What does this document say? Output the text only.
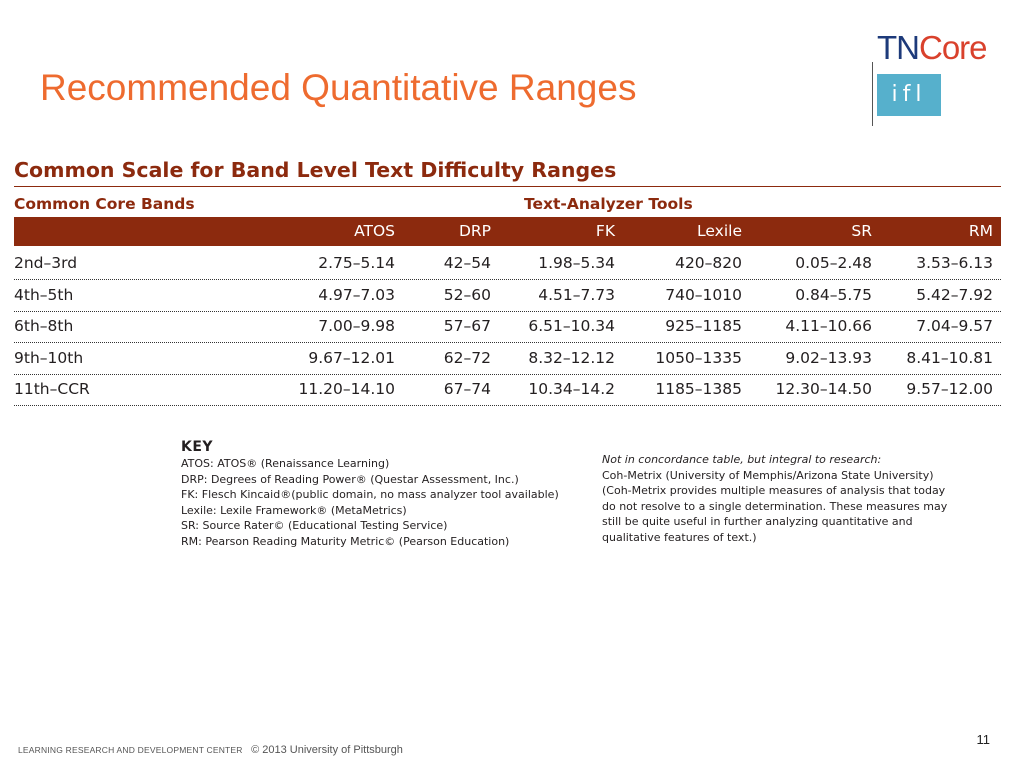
Recommended Quantitative Ranges
TNCore
ifl
Common Scale for Band Level Text Difficulty Ranges
Common Core Bands	Text-Analyzer Tools
ATOS	DRP	FK	Lexile	SR	RM
2nd–3rd	2.75–5.14	42–54	1.98–5.34	420–820	0.05–2.48	3.53–6.13
4th–5th	4.97–7.03	52–60	4.51–7.73	740–1010	0.84–5.75	5.42–7.92
6th–8th	7.00–9.98	57–67 6.51–10.34	925–1185	4.11–10.66	7.04–9.57
9th–10th	9.67–12.01	62–72 8.32–12.12	1050–1335	9.02–13.93 8.41–10.81
11th–CCR	11.20–14.10	67–74 10.34–14.2	1185–1385 12.30–14.50 9.57–12.00
KEY
ATOS: ATOS® (Renaissance Learning)
DRP: Degrees of Reading Power® (Questar Assessment, Inc.)
FK: Flesch Kincaid®(public domain, no mass analyzer tool available)
Lexile: Lexile Framework® (MetaMetrics)
SR: Source Rater© (Educational Testing Service)
RM: Pearson Reading Maturity Metric© (Pearson Education)
Not in concordance table, but integral to research:
Coh-Metrix (University of Memphis/Arizona State University)
(Coh-Metrix provides multiple measures of analysis that today
do not resolve to a single determination. These measures may
still be quite useful in further analyzing quantitative and
qualitative features of text.)
LEARNING RESEARCH AND DEVELOPMENT CENTER © 2013 University of Pittsburgh
11
